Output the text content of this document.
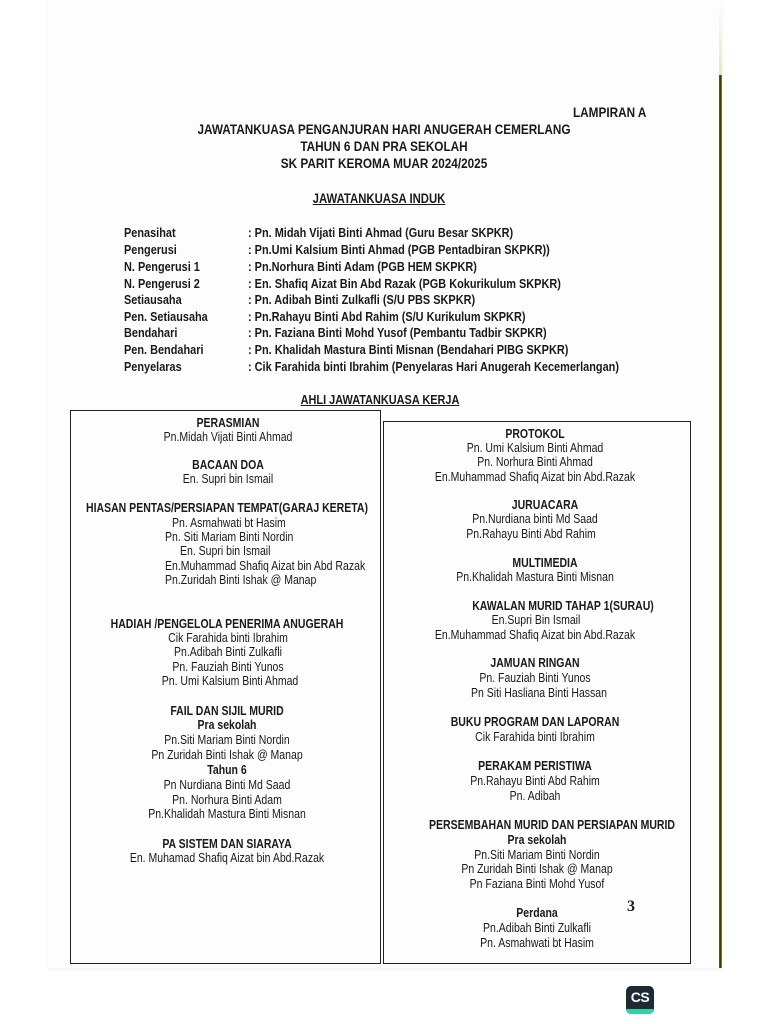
LAMPIRAN A
JAWATANKUASA PENGANJURAN HARI ANUGERAH CEMERLANG
TAHUN 6 DAN PRA SEKOLAH
SK PARIT KEROMA MUAR 2024/2025
JAWATANKUASA INDUK
Penasihat	: Pn. Midah Vijati Binti Ahmad (Guru Besar SKPKR)
Pengerusi	: Pn.Umi Kalsium Binti Ahmad (PGB Pentadbiran SKPKR))
N. Pengerusi 1	: Pn.Norhura Binti Adam (PGB HEM SKPKR)
N. Pengerusi 2	: En. Shafiq Aizat Bin Abd Razak (PGB Kokurikulum SKPKR)
Setiausaha	: Pn. Adibah Binti Zulkafli (S/U PBS SKPKR)
Pen. Setiausaha	: Pn.Rahayu Binti Abd Rahim (S/U Kurikulum SKPKR)
Bendahari	: Pn. Faziana Binti Mohd Yusof (Pembantu Tadbir SKPKR)
Pen. Bendahari	: Pn. Khalidah Mastura Binti Misnan (Bendahari PIBG SKPKR)
Penyelaras	: Cik Farahida binti Ibrahim (Penyelaras Hari Anugerah Kecemerlangan)
AHLI JAWATANKUASA KERJA
PERASMIAN
Pn.Midah Vijati Binti Ahmad
BACAAN DOA
En. Supri bin Ismail
HIASAN PENTAS/PERSIAPAN TEMPAT(GARAJ KERETA)
Pn. Asmahwati bt Hasim
Pn. Siti Mariam Binti Nordin
En. Supri bin Ismail
En.Muhammad Shafiq Aizat bin Abd Razak
Pn.Zuridah Binti Ishak @ Manap
HADIAH /PENGELOLA PENERIMA ANUGERAH
Cik Farahida binti Ibrahim
Pn.Adibah Binti Zulkafli
Pn. Fauziah Binti Yunos
Pn. Umi Kalsium Binti Ahmad
FAIL DAN SIJIL MURID
Pra sekolah
Pn.Siti Mariam Binti Nordin
Pn Zuridah Binti Ishak @ Manap
Tahun 6
Pn Nurdiana Binti Md Saad
Pn. Norhura Binti Adam
Pn.Khalidah Mastura Binti Misnan
PA SISTEM DAN SIARAYA
En. Muhamad Shafiq Aizat bin Abd.Razak
PROTOKOL
Pn. Umi Kalsium Binti Ahmad
Pn. Norhura Binti Ahmad
En.Muhammad Shafiq Aizat bin Abd.Razak
JURUACARA
Pn.Nurdiana binti Md Saad
Pn.Rahayu Binti Abd Rahim
MULTIMEDIA
Pn.Khalidah Mastura Binti Misnan
KAWALAN MURID TAHAP 1(SURAU)
En.Supri Bin Ismail
En.Muhammad Shafiq Aizat bin Abd.Razak
JAMUAN RINGAN
Pn. Fauziah Binti Yunos
Pn Siti Hasliana Binti Hassan
BUKU PROGRAM DAN LAPORAN
Cik Farahida binti Ibrahim
PERAKAM PERISTIWA
Pn.Rahayu Binti Abd Rahim
Pn. Adibah
PERSEMBAHAN MURID DAN PERSIAPAN MURID
Pra sekolah
Pn.Siti Mariam Binti Nordin
Pn Zuridah Binti Ishak @ Manap
Pn Faziana Binti Mohd Yusof
Perdana
Pn.Adibah Binti Zulkafli
Pn. Asmahwati bt Hasim
3
CS
